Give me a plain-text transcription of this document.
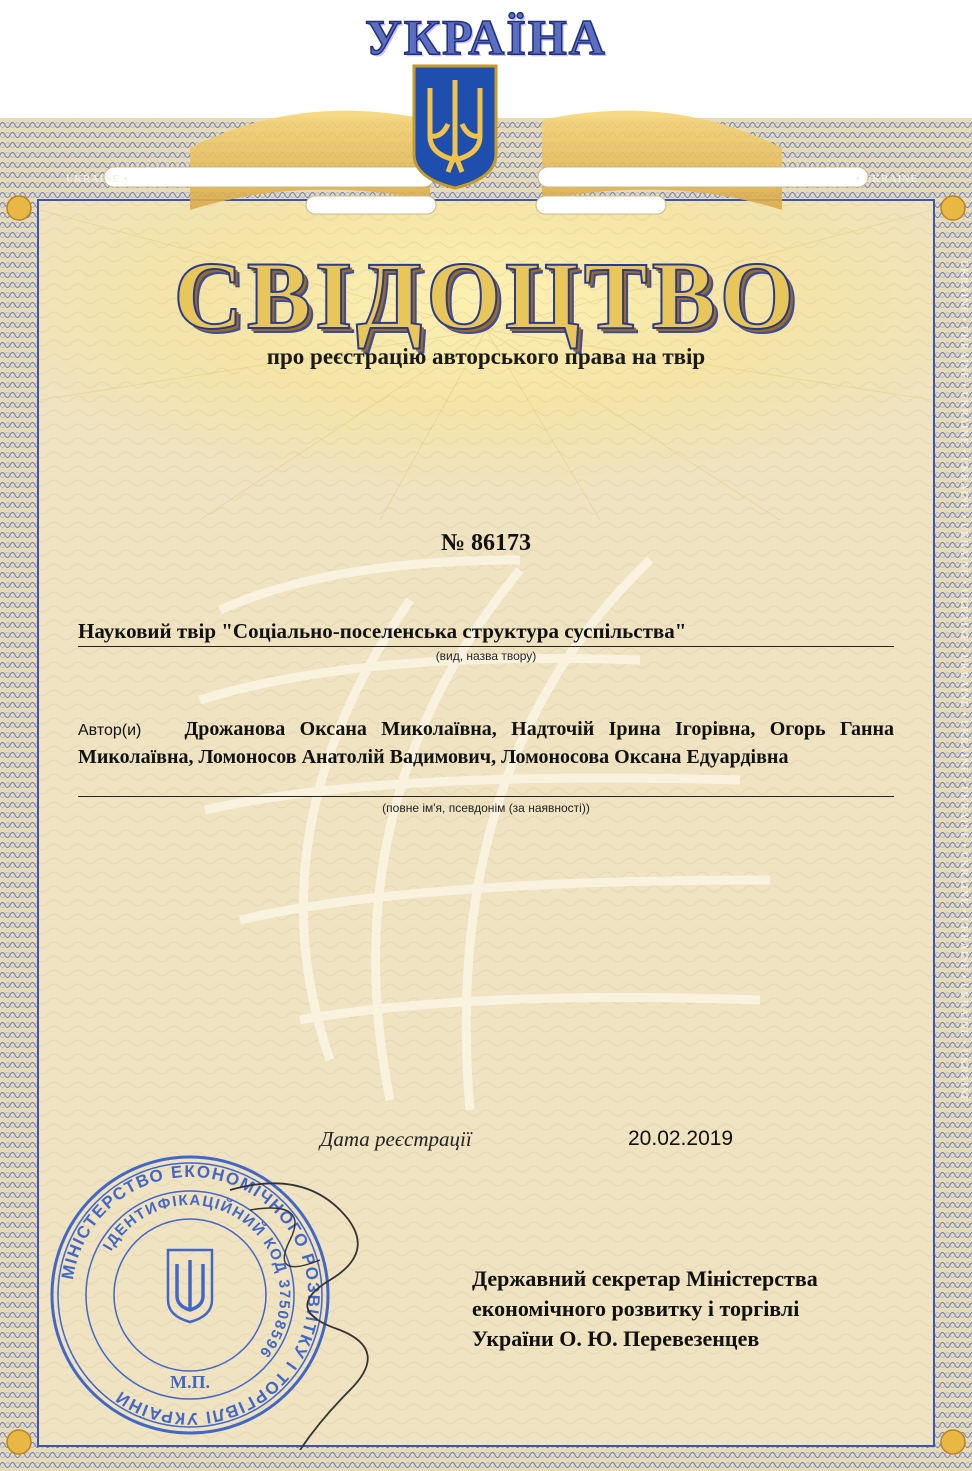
UKRAINE • UKRAINE • UKRAINE • UKRAINE • UKRAINE • UKRAINE • UKRAINE • UKRAINE • UKRAINE • UKRAINE • UKRAINE • UKRAINE • UKRAINE
• UKRAINE
UKRAINE •
УКРАЇНА
СВІДОЦТВО
про реєстрацію авторського права на твір
№ 86173
Науковий твір "Соціально-поселенська структура суспільства"
(вид, назва твору)
Автор(и) Дрожанова Оксана Миколаївна, Надточій Ірина Ігорівна, Огорь Ганна Миколаївна, Ломоносов Анатолій Вадимович, Ломоносова Оксана Едуардівна
(повне ім'я, псевдонім (за наявності))
Дата реєстрації	20.02.2019
МІНІСТЕРСТВО ЕКОНОМІЧНОГО РОЗВИТКУ І ТОРГІВЛІ УКРАЇНИ
ІДЕНТИФІКАЦІЙНИЙ КОД 37508596
М.П.
Державний секретар Міністерства
економічного розвитку і торгівлі
України О. Ю. Перевезенцев
